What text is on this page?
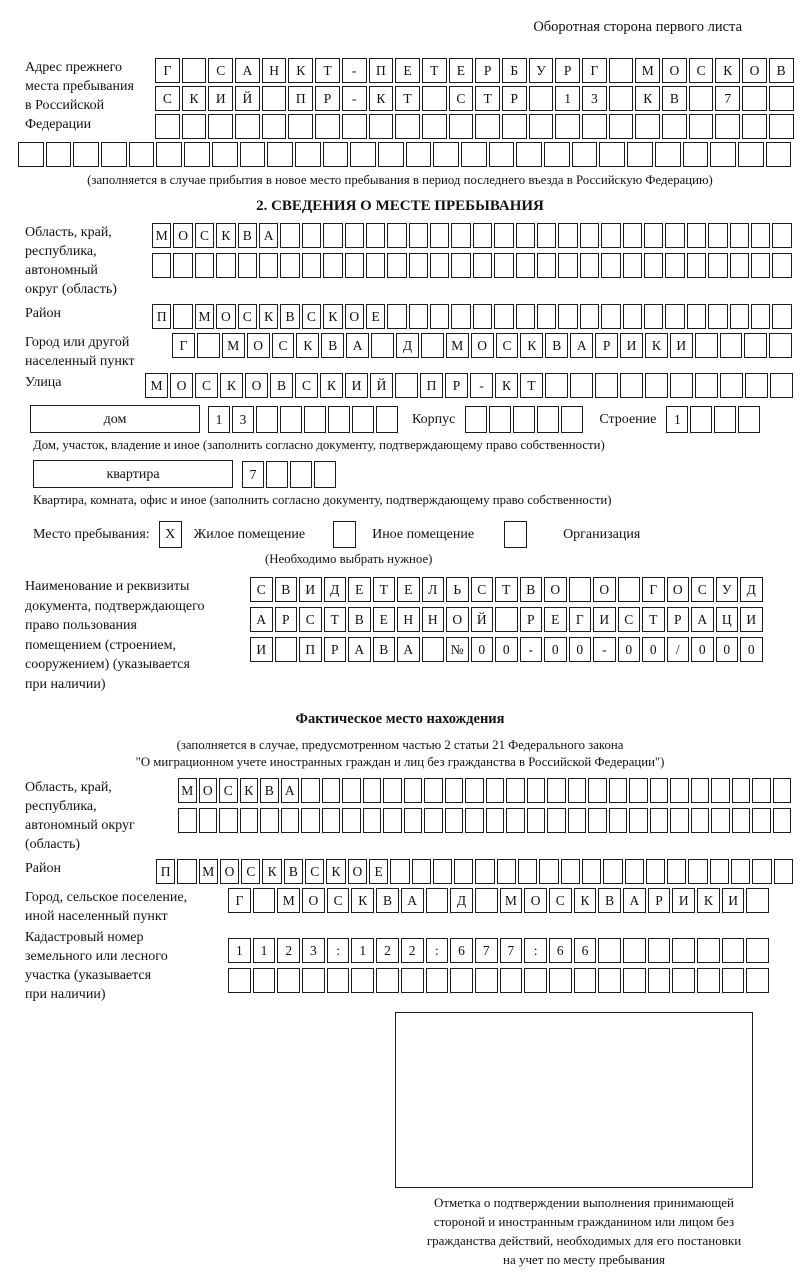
Оборотная сторона первого листа
Адрес прежнего
места пребывания
в Российской
Федерации
Г	С	А	Н	К	Т	-	П	Е	Т	Е	Р	Б	У	Р	Г	М	О	С	К	О	В
С	К	И	Й	П	Р	-	К	Т	С	Т	Р	1	3	К	В	7
(заполняется в случае прибытия в новое место пребывания в период последнего въезда в Российскую Федерацию)
2. СВЕДЕНИЯ О МЕСТЕ ПРЕБЫВАНИЯ
Область, край,
республика,
автономный
округ (область)
М О С К В А
Район	П	М О С К В С К О Е
Город или другой
населенный пункт
Г	М	О	С	К	В	А	Д	М	О	С	К	В	А	Р	И	К	И
Улица	М	О	С	К	О	В	С	К	И	Й	П	Р	-	К	Т
дом	1	3	Корпус	Строение	1
Дом, участок, владение и иное (заполнить согласно документу, подтверждающему право собственности)
квартира	7
Квартира, комната, офис и иное (заполнить согласно документу, подтверждающему право собственности)
Место пребывания:	X	Жилое помещение	Иное помещение	Организация
(Необходимо выбрать нужное)
Наименование и реквизиты
документа, подтверждающего
право пользования
помещением (строением,
сооружением) (указывается
при наличии)
С	В	И	Д	Е	Т	Е	Л	Ь	С	Т	В	О	О	Г	О	С	У	Д
А	Р	С	Т	В	Е	Н	Н	О	Й	Р	Е	Г	И	С	Т	Р	А	Ц	И
И	П	Р	А	В	А	№	0	0	-	0	0	-	0	0	/	0	0	0
Фактическое место нахождения
(заполняется в случае, предусмотренном частью 2 статьи 21 Федерального закона
"О миграционном учете иностранных граждан и лиц без гражданства в Российской Федерации")
Область, край,
республика,
автономный округ
(область)
М О С К В А
Район	П	М О С К В С К О Е
Город, сельское поселение,
иной населенный пункт
Г	М	О	С	К	В	А	Д	М	О	С	К	В	А	Р	И	К	И
Кадастровый номер
земельного или лесного
участка (указывается
при наличии)
1	1	2	3	:	1	2	2	:	6	7	7	:	6	6
Отметка о подтверждении выполнения принимающей
стороной и иностранным гражданином или лицом без
гражданства действий, необходимых для его постановки
на учет по месту пребывания
